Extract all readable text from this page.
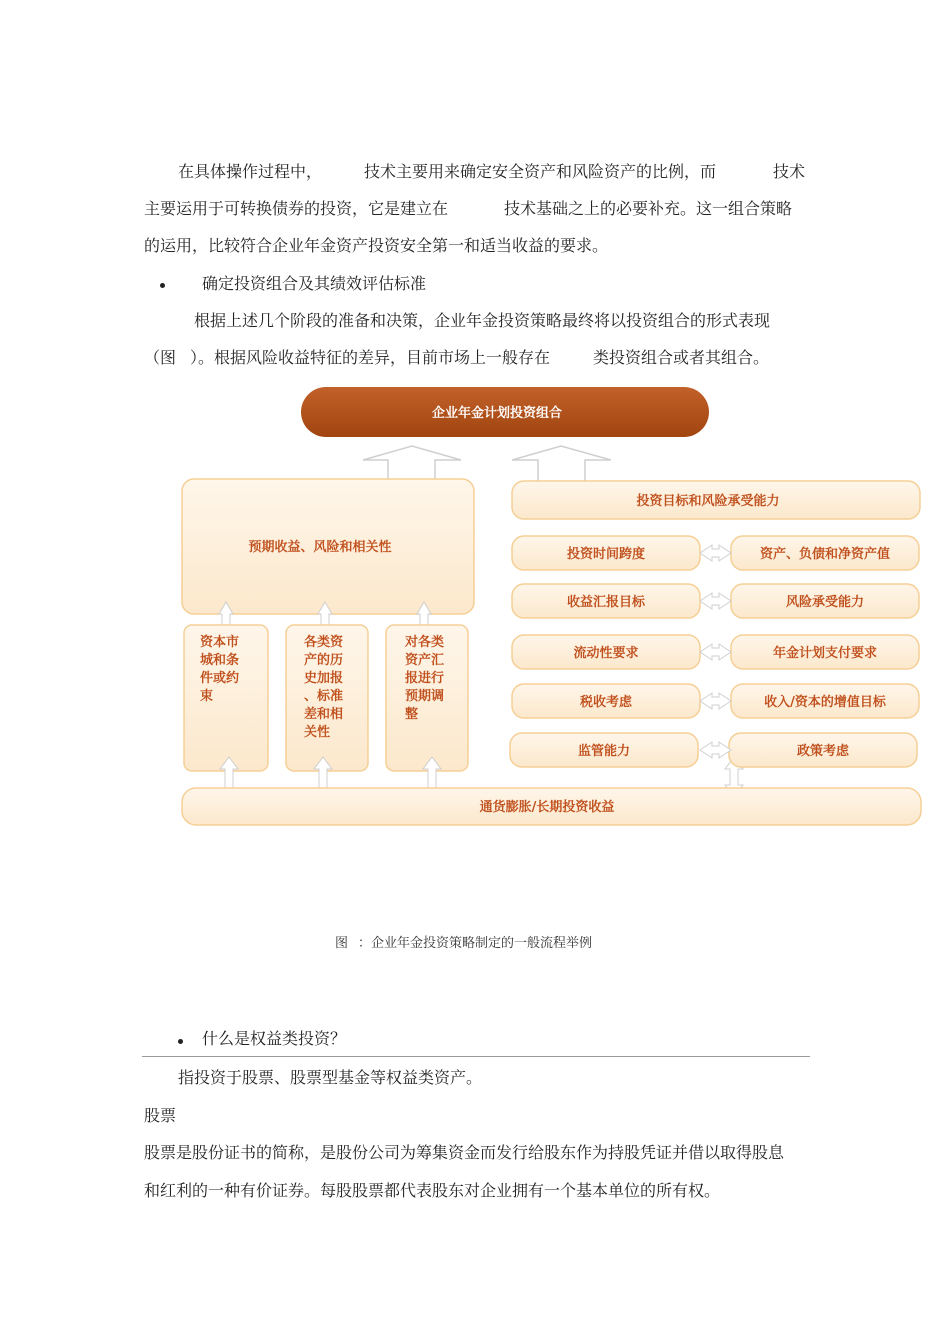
在具体操作过程中，	技术主要用来确定安全资产和风险资产的比例，而	技术
主要运用于可转换债券的投资，它是建立在	技术基础之上的必要补充。这一组合策略
的运用，比较符合企业年金资产投资安全第一和适当收益的要求。
确定投资组合及其绩效评估标准
根据上述几个阶段的准备和决策，企业年金投资策略最终将以投资组合的形式表现
（图 ）。根据风险收益特征的差异，目前市场上一般存在	类投资组合或者其组合。
企业年金计划投资组合
预期收益、风险和相关性
资本市
城和条
件或约
束
各类资
产的历
史加报
、标准
差和相
关性
对各类
资产汇
报进行
预期调
整
投资目标和风险承受能力
投资时间跨度	资产、负债和净资产值
收益汇报目标	风险承受能力
流动性要求	年金计划支付要求
税收考虑	收入/资本的增值目标
监管能力	政策考虑
通货膨胀/长期投资收益
图 ：企业年金投资策略制定的一般流程举例
什么是权益类投资？
指投资于股票、股票型基金等权益类资产。
股票
股票是股份证书的简称，是股份公司为筹集资金而发行给股东作为持股凭证并借以取得股息
和红利的一种有价证券。每股股票都代表股东对企业拥有一个基本单位的所有权。
